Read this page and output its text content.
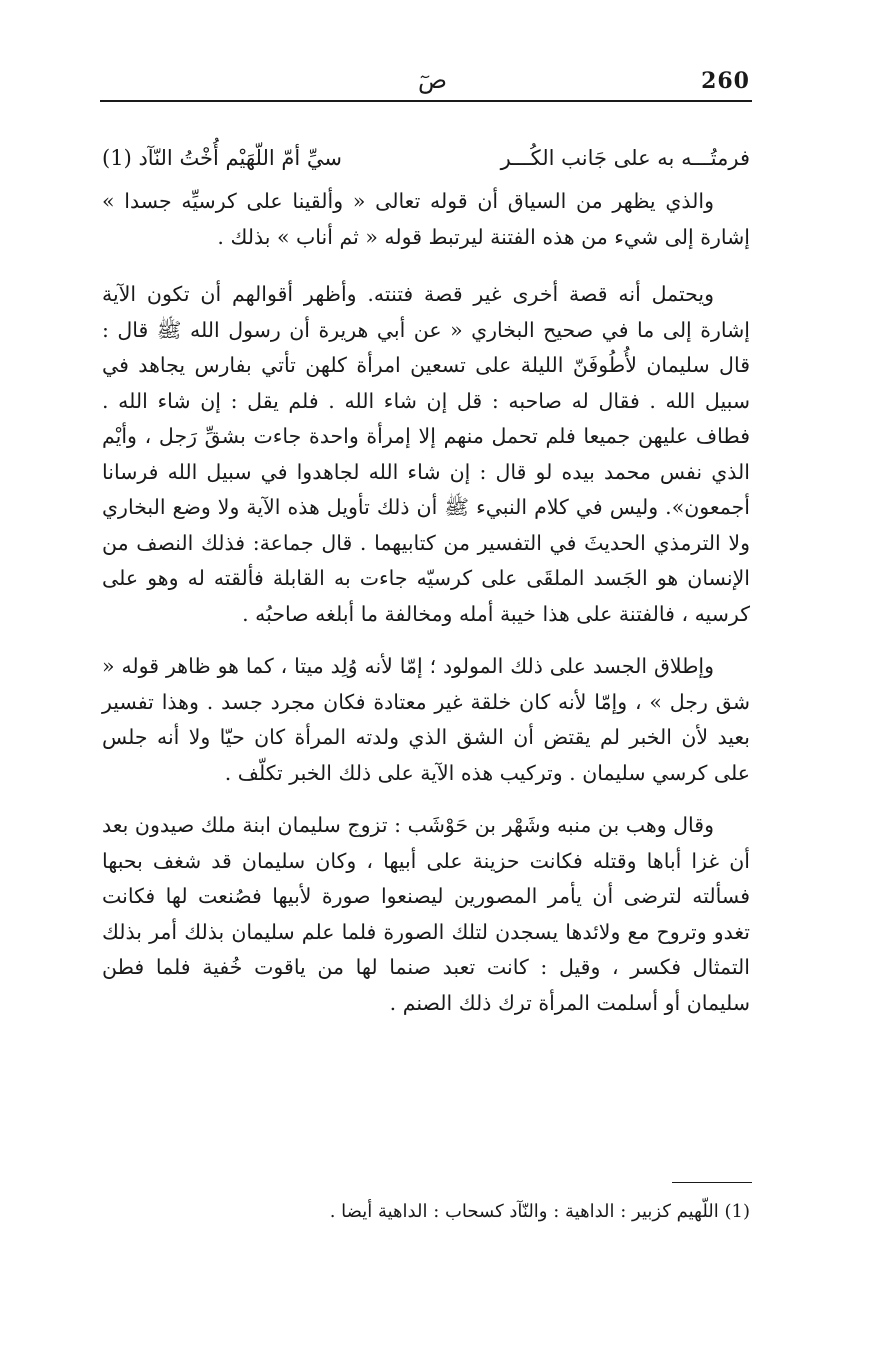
صٓ	260
فرمتُـــه به على جَانب الكُـــر
سيِّ أمّ اللّهَيْم أُخْتُ النّآد (1)

والذي يظهر من السياق أن قوله تعالى « وألقينا على كرسيِّه جسدا » إشارة إلى شيء من هذه الفتنة ليرتبط قوله « ثم أناب » بذلك .

ويحتمل أنه قصة أخرى غير قصة فتنته. وأظهر أقوالهم أن تكون الآية إشارة إلى ما في صحيح البخاري « عن أبي هريرة أن رسول الله ﷺ قال : قال سليمان لأُطُوفَنّ الليلة على تسعين امرأة كلهن تأتي بفارس يجاهد في سبيل الله . فقال له صاحبه : قل إن شاء الله . فلم يقل : إن شاء الله . فطاف عليهن جميعا فلم تحمل منهم إلا إمرأة واحدة جاءت بشقِّ رَجل ، وأيْم الذي نفس محمد بيده لو قال : إن شاء الله لجاهدوا في سبيل الله فرسانا أجمعون». وليس في كلام النبيء ﷺ أن ذلك تأويل هذه الآية ولا وضع البخاري ولا الترمذي الحديثَ في التفسير من كتابيهما . قال جماعة: فذلك النصف من الإنسان هو الجَسد الملقَى على كرسيّه جاءت به القابلة فألقته له وهو على كرسيه ، فالفتنة على هذا خيبة أمله ومخالفة ما أبلغه صاحبُه .

وإطلاق الجسد على ذلك المولود ؛ إمّا لأنه وُلِد ميتا ، كما هو ظاهر قوله « شق رجل » ، وإمّا لأنه كان خلقة غير معتادة فكان مجرد جسد . وهذا تفسير بعيد لأن الخبر لم يقتض أن الشق الذي ولدته المرأة كان حيّا ولا أنه جلس على كرسي سليمان . وتركيب هذه الآية على ذلك الخبر تكلّف .

وقال وهب بن منبه وشَهْر بن حَوْشَب : تزوج سليمان ابنة ملك صيدون بعد أن غزا أباها وقتله فكانت حزينة على أبيها ، وكان سليمان قد شغف بحبها فسألته لترضى أن يأمر المصورين ليصنعوا صورة لأبيها فصُنعت لها فكانت تغدو وتروح مع ولائدها يسجدن لتلك الصورة فلما علم سليمان بذلك أمر بذلك التمثال فكسر ، وقيل : كانت تعبد صنما لها من ياقوت خُفية فلما فطن سليمان أو أسلمت المرأة ترك ذلك الصنم .

(1) اللّهيم كزبير : الداهية : والنّآد كسحاب : الداهية أيضا .
